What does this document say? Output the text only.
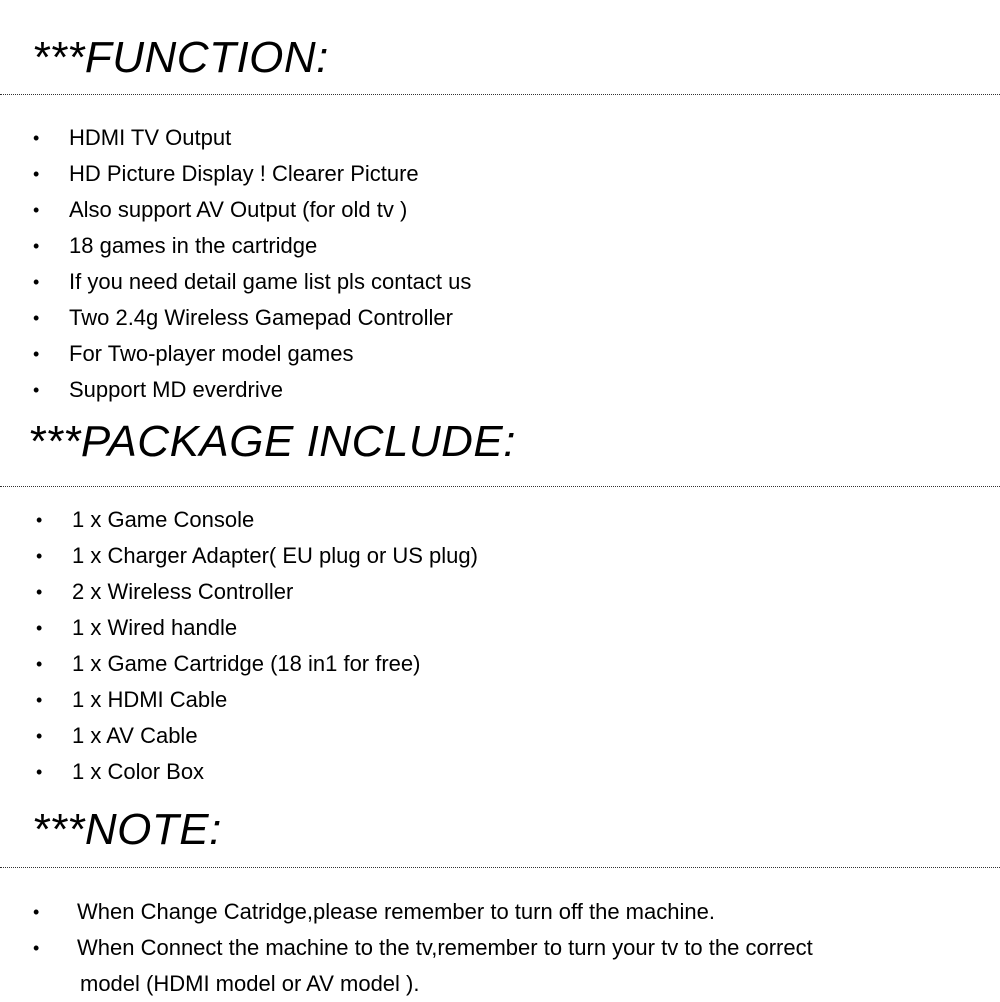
***FUNCTION:
• HDMI TV Output
• HD Picture Display ! Clearer Picture
• Also support AV Output (for old tv )
• 18 games in the cartridge
• If you need detail game list pls contact us
• Two 2.4g Wireless Gamepad Controller
• For Two-player model games
• Support MD everdrive
***PACKAGE INCLUDE:
• 1 x Game Console
• 1 x Charger Adapter( EU plug or US plug)
• 2 x Wireless Controller
• 1 x Wired handle
• 1 x Game Cartridge (18 in1 for free)
• 1 x HDMI Cable
• 1 x AV Cable
• 1 x Color Box
***NOTE:
• When Change Catridge,please remember to turn off the machine.
• When Connect the machine to the tv,remember to turn your tv to the correct
model (HDMI model or AV model ).
